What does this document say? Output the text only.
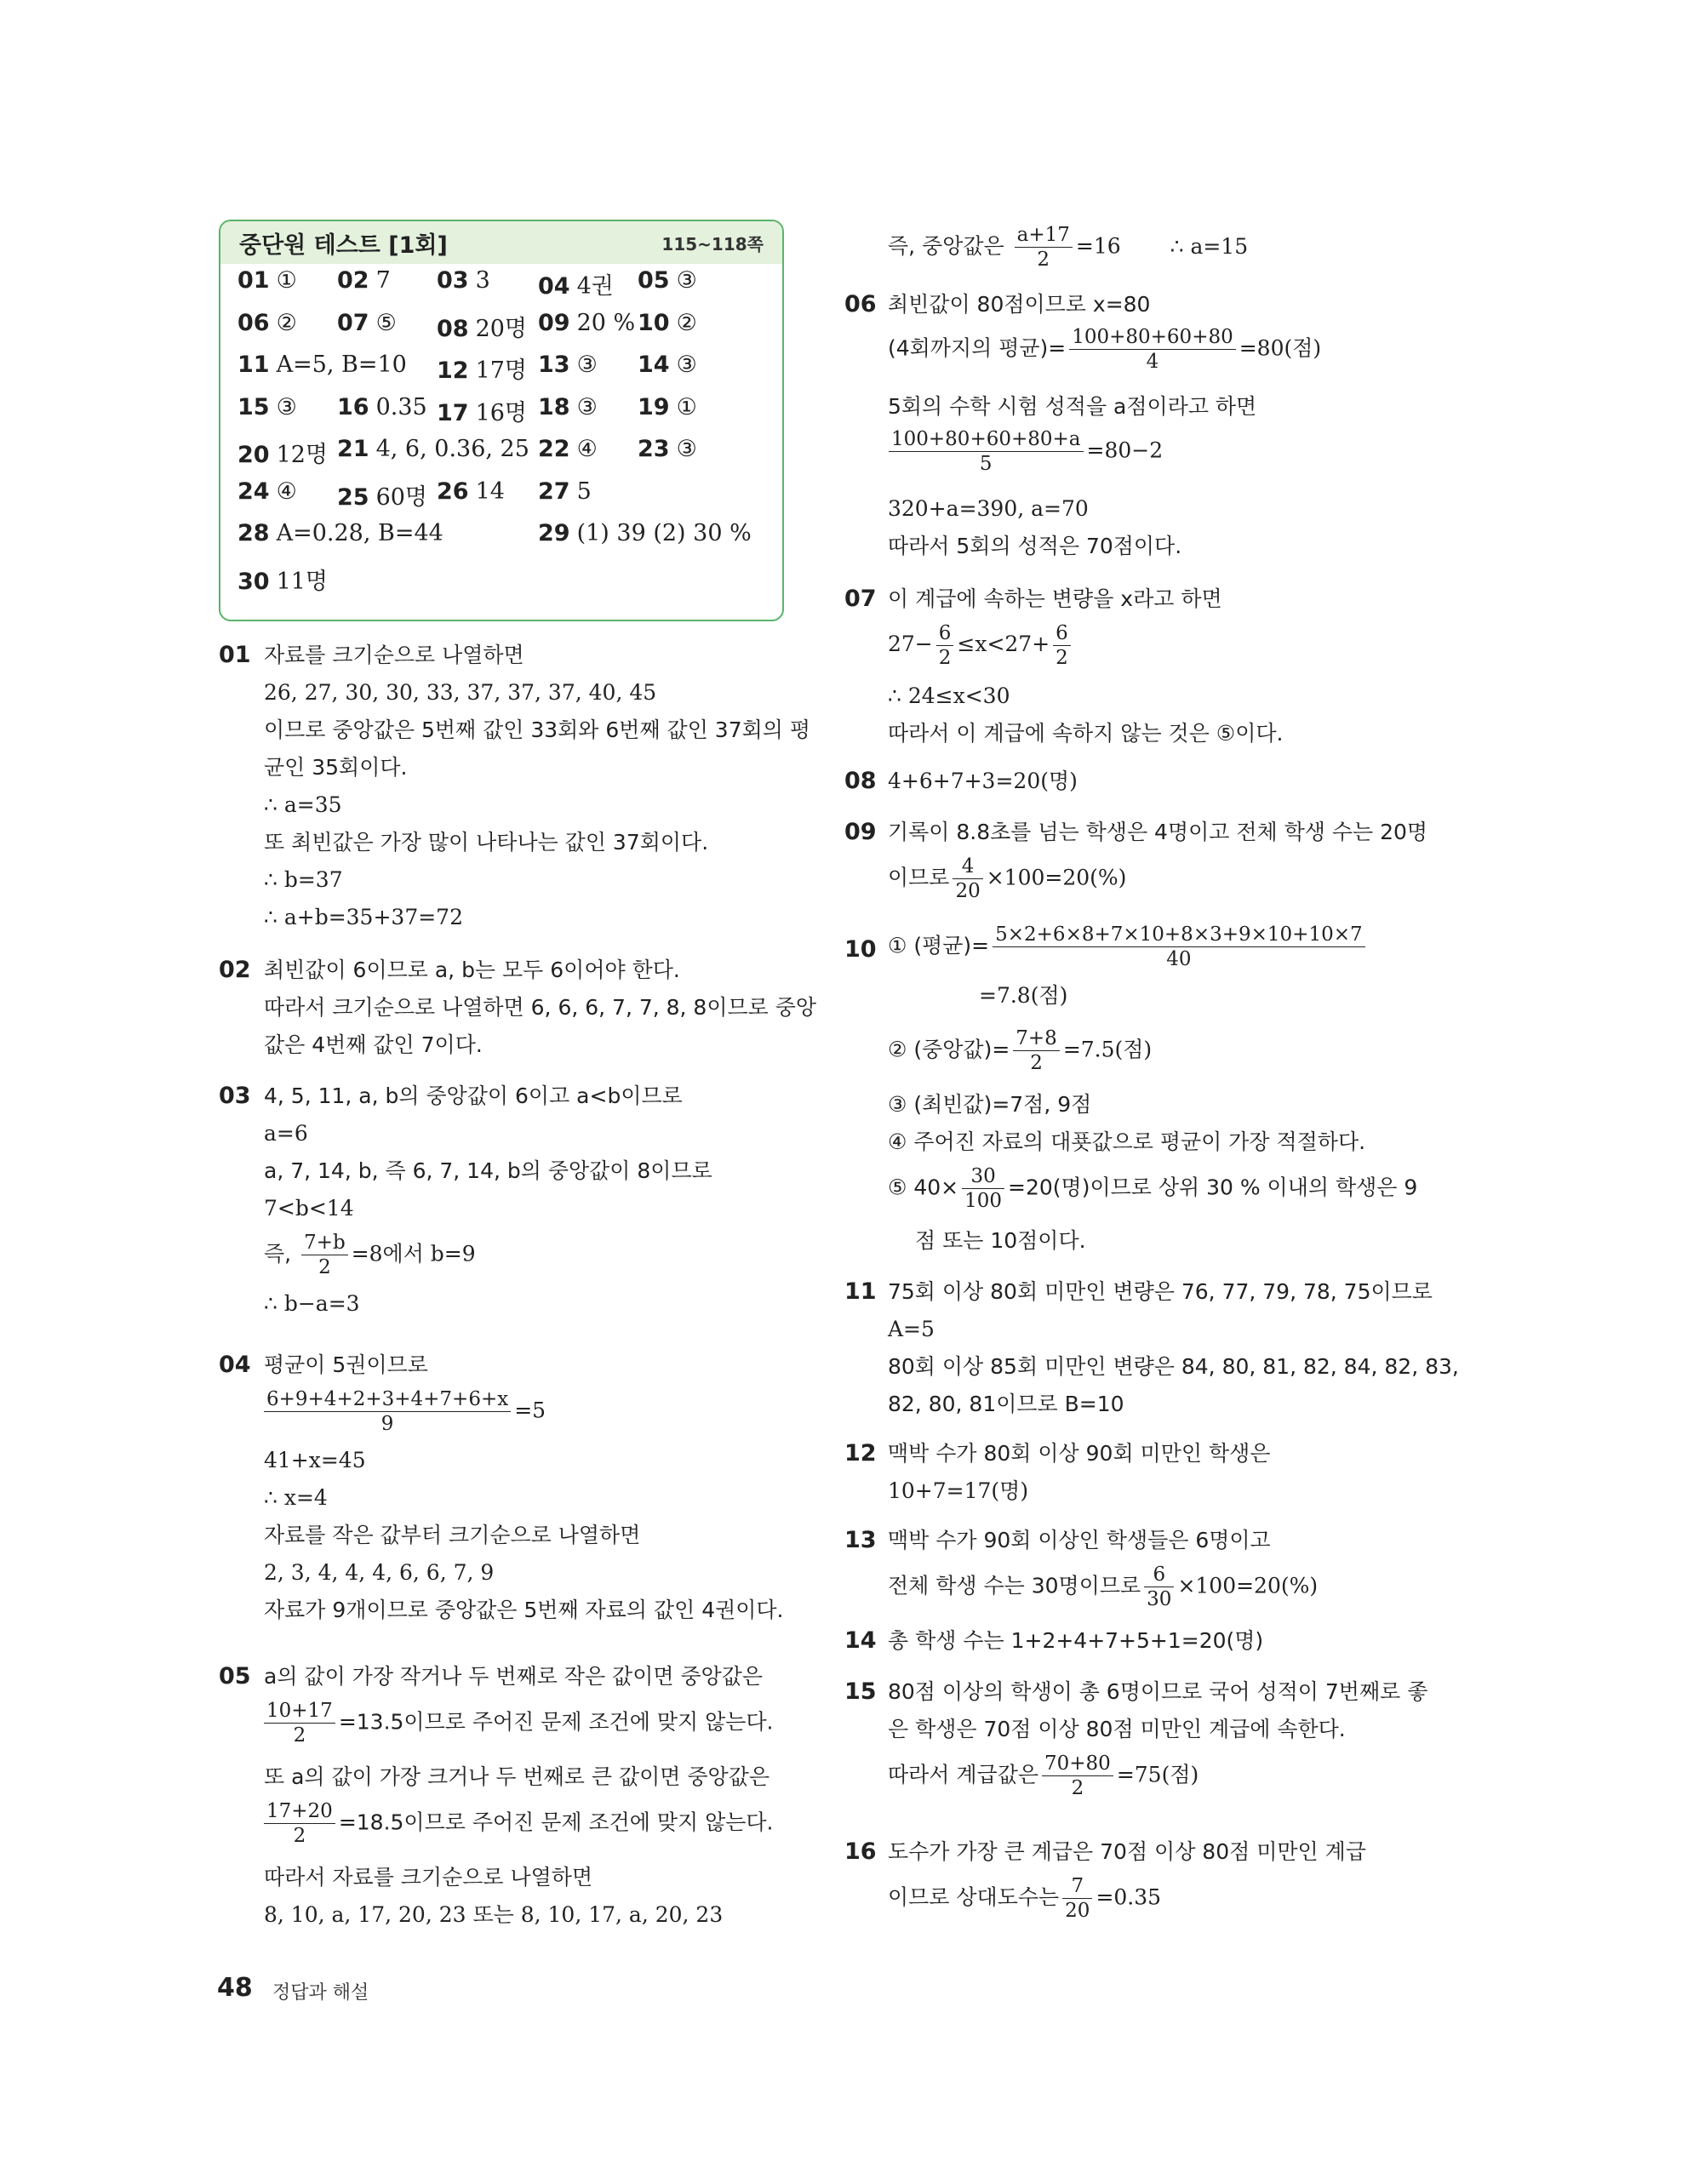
중단원 테스트 [1회]	115~118쪽
01 ① 02 7 03 3 04 4권 05 ③
06 ② 07 ⑤ 08 20명 09 20 % 10 ②
11 A=5, B=10 12 17명 13 ③ 14 ③
15 ③ 16 0.35 17 16명 18 ③ 19 ①
20 12명 21 4, 6, 0.36, 25 22 ④ 23 ③
24 ④ 25 60명 26 14 27 5
28 A=0.28, B=44	29 (1) 39 (2) 30 %
30 11명
01 자료를 크기순으로 나열하면
26, 27, 30, 30, 33, 37, 37, 37, 40, 45
이므로 중앙값은 5번째 값인 33회와 6번째 값인 37회의 평
균인 35회이다.
∴ a=35
또 최빈값은 가장 많이 나타나는 값인 37회이다.
∴ b=37
∴ a+b=35+37=72
02 최빈값이 6이므로 a, b는 모두 6이어야 한다.
따라서 크기순으로 나열하면 6, 6, 6, 7, 7, 8, 8이므로 중앙
값은 4번째 값인 7이다.
03 4, 5, 11, a, b의 중앙값이 6이고 a<b이므로
a=6
a, 7, 14, b, 즉 6, 7, 14, b의 중앙값이 8이므로
7<b<14
즉, $\frac{7+b}{2} =8$에서 b=9
∴ b−a=3
04 평균이 5권이므로
$\frac{6+9+4+2+3+4+7+6+x}{9} =5$
41+x=45
∴ x=4
자료를 작은 값부터 크기순으로 나열하면
2, 3, 4, 4, 4, 6, 6, 7, 9
자료가 9개이므로 중앙값은 5번째 자료의 값인 4권이다.
05 a의 값이 가장 작거나 두 번째로 작은 값이면 중앙값은
$\frac{10+17}{2} =13.5$이므로 주어진 문제 조건에 맞지 않는다.
또 a의 값이 가장 크거나 두 번째로 큰 값이면 중앙값은
$\frac{17+20}{2} =18.5$이므로 주어진 문제 조건에 맞지 않는다.
따라서 자료를 크기순으로 나열하면
8, 10, a, 17, 20, 23 또는 8, 10, 17, a, 20, 23
즉, 중앙값은 $\frac{a+17}{2} =16$ ∴ a=15
06 최빈값이 80점이므로 x=80
(4회까지의 평균)= $\frac{100+80+60+80}{4} =80$(점)
5회의 수학 시험 성적을 a점이라고 하면
$\frac{100+80+60+80+a}{5} =80-2$
320+a=390, a=70
따라서 5회의 성적은 70점이다.
07 이 계급에 속하는 변량을 x라고 하면
$27- \frac{6}{2} \le x<27+ \frac{6}{2}$
∴ 24≤x<30
따라서 이 계급에 속하지 않는 것은 ⑤이다.
08 4+6+7+3=20(명)
09 기록이 8.8초를 넘는 학생은 4명이고 전체 학생 수는 20명
이므로 $\frac{4}{20} \times 100=20(\%)$
10 ① (평균)= $\frac{5\times 2+6\times 8+7\times 10+8\times 3+9\times 10+10\times 7}{40}$
=7.8(점)
② (중앙값)= $\frac{7+8}{2} =7.5$(점)
③ (최빈값)=7점, 9점
④ 주어진 자료의 대푯값으로 평균이 가장 적절하다.
⑤ $40\times \frac{30}{100} =20$(명)이므로 상위 30 % 이내의 학생은 9
점 또는 10점이다.
11 75회 이상 80회 미만인 변량은 76, 77, 79, 78, 75이므로
A=5
80회 이상 85회 미만인 변량은 84, 80, 81, 82, 84, 82, 83,
82, 80, 81이므로 B=10
12 맥박 수가 80회 이상 90회 미만인 학생은
10+7=17(명)
13 맥박 수가 90회 이상인 학생들은 6명이고
전체 학생 수는 30명이므로 $\frac{6}{30} \times 100=20(\%)$
14 총 학생 수는 1+2+4+7+5+1=20(명)
15 80점 이상의 학생이 총 6명이므로 국어 성적이 7번째로 좋
은 학생은 70점 이상 80점 미만인 계급에 속한다.
따라서 계급값은 $\frac{70+80}{2} =75$(점)
16 도수가 가장 큰 계급은 70점 이상 80점 미만인 계급
이므로 상대도수는 $\frac{7}{20} =0.35$
48 정답과 해설
